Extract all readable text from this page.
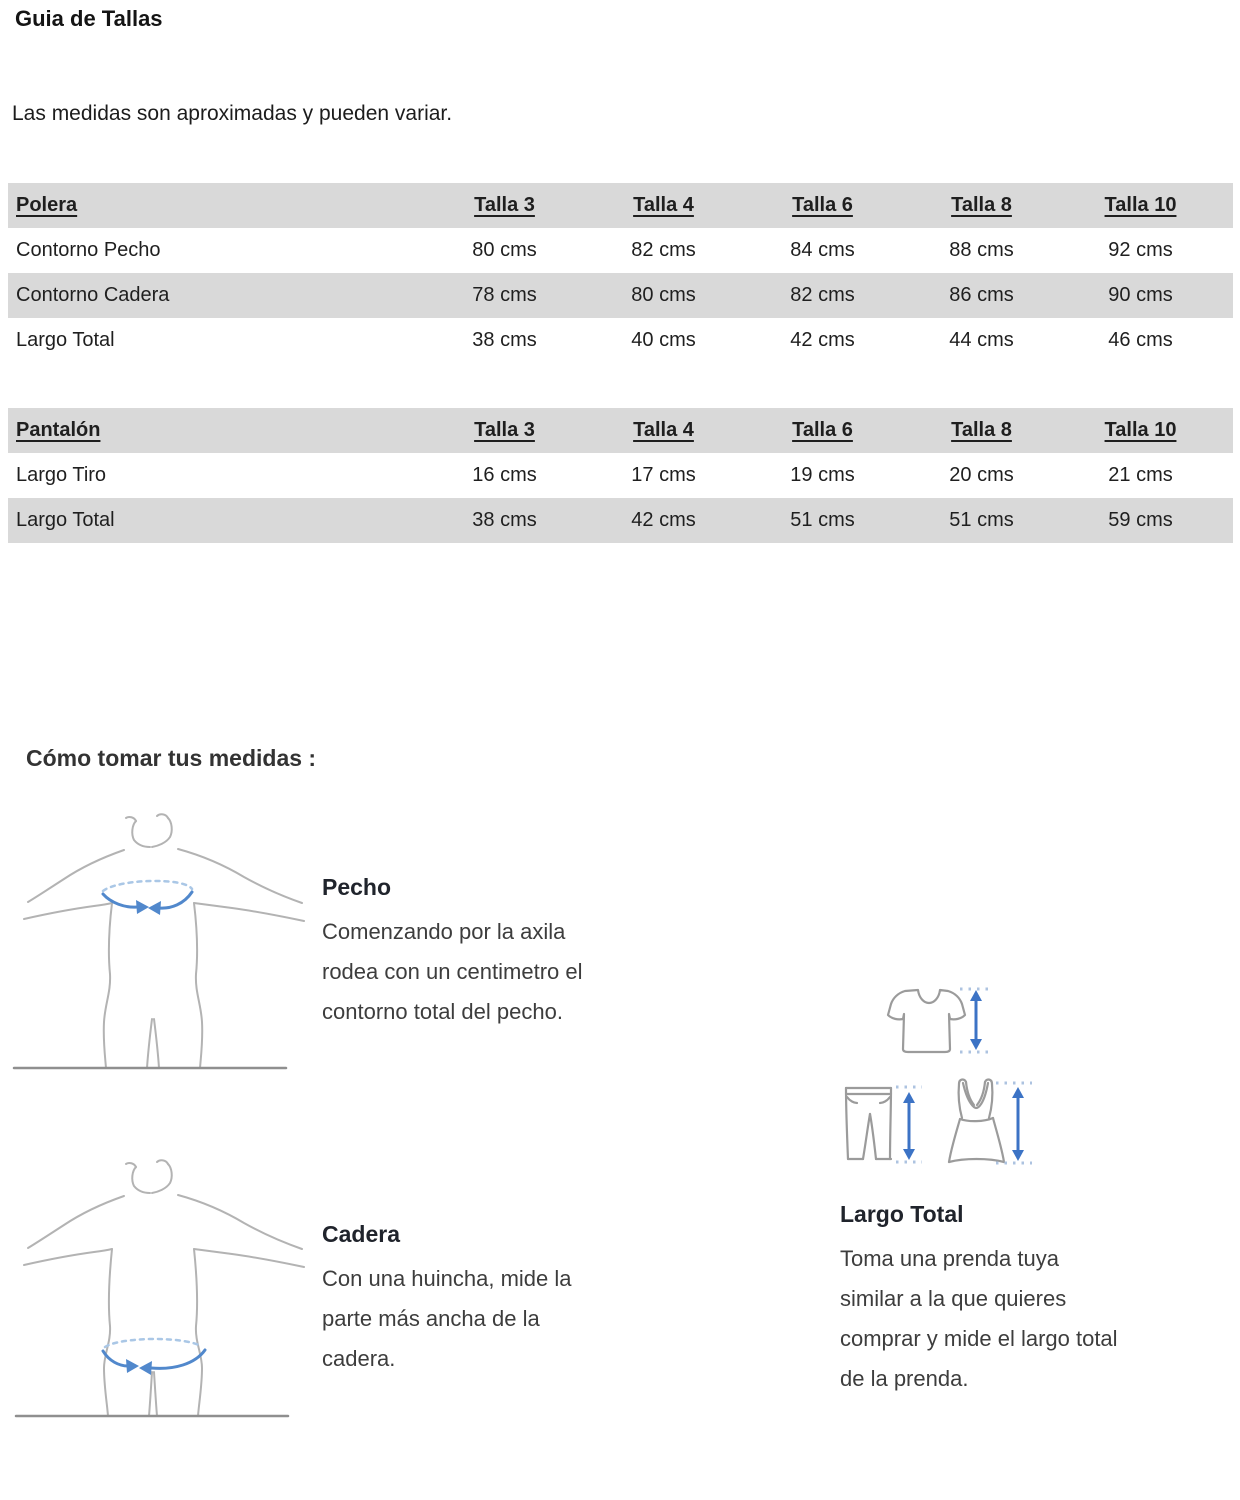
Guia de Tallas
Las medidas son aproximadas y pueden variar.
Polera	Talla 3	Talla 4	Talla 6	Talla 8	Talla 10
Contorno Pecho	80 cms	82 cms	84 cms	88 cms	92 cms
Contorno Cadera	78 cms	80 cms	82 cms	86 cms	90 cms
Largo Total	38 cms	40 cms	42 cms	44 cms	46 cms
Pantalón	Talla 3	Talla 4	Talla 6	Talla 8	Talla 10
Largo Tiro	16 cms	17 cms	19 cms	20 cms	21 cms
Largo Total	38 cms	42 cms	51 cms	51 cms	59 cms
Cómo tomar tus medidas :
Pecho
Comenzando por la axila
rodea con un centimetro el
contorno total del pecho.
Largo Total
Toma una prenda tuya
similar a la que quieres
comprar y mide el largo total
de la prenda.
Cadera
Con una huincha, mide la
parte más ancha de la
cadera.
